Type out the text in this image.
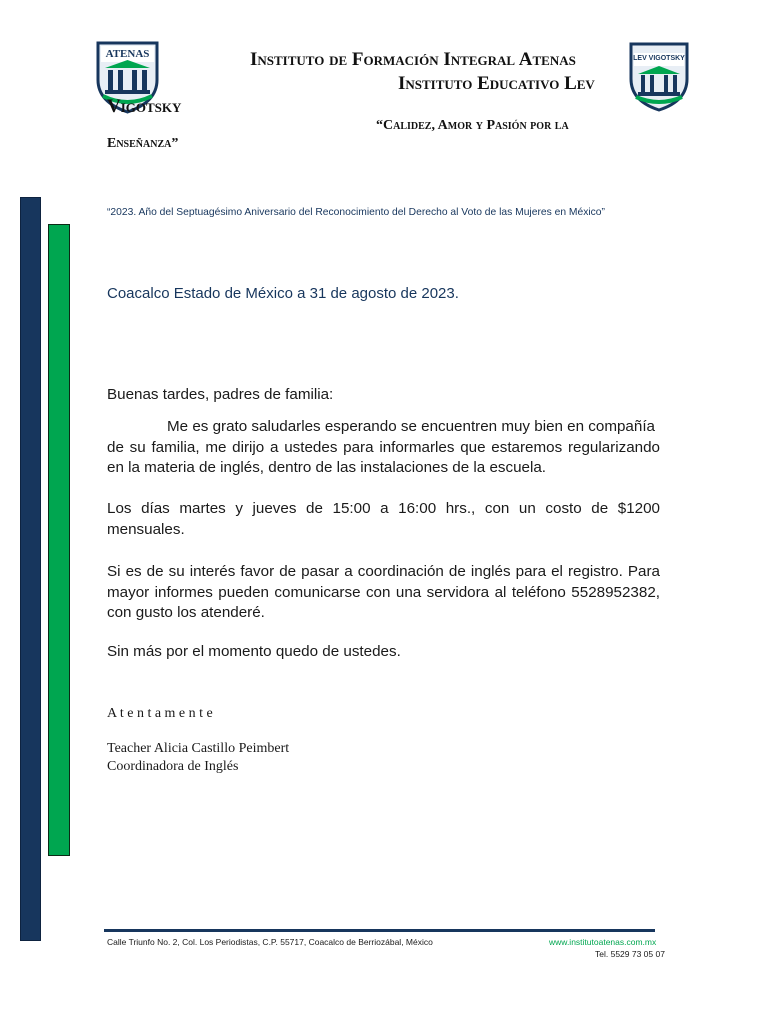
ATENAS	LEV VIGOTSKY
Instituto de Formación Integral Atenas
Instituto Educativo Lev
Vigotsky
“Calidez, Amor y Pasión por la
Enseñanza”
“2023. Año del Septuagésimo Aniversario del Reconocimiento del Derecho al Voto de las Mujeres en México”
Coacalco Estado de México a 31 de agosto de 2023.
Buenas tardes, padres de familia:
Me es grato saludarles esperando se encuentren muy bien en compañía
de su familia, me dirijo a ustedes para informarles que estaremos regularizando en la materia de inglés, dentro de las instalaciones de la escuela.
Los días martes y jueves de 15:00 a 16:00 hrs., con un costo de $1200 mensuales.
Si es de su interés favor de pasar a coordinación de inglés para el registro. Para mayor informes pueden comunicarse con una servidora al teléfono 5528952382, con gusto los atenderé.
Sin más por el momento quedo de ustedes.
A t e n t a m e n t e
Teacher Alicia Castillo Peimbert
Coordinadora de Inglés
Calle Triunfo No. 2, Col. Los Periodistas, C.P. 55717, Coacalco de Berriozábal, México	www.institutoatenas.com.mx
Tel. 5529 73 05 07
